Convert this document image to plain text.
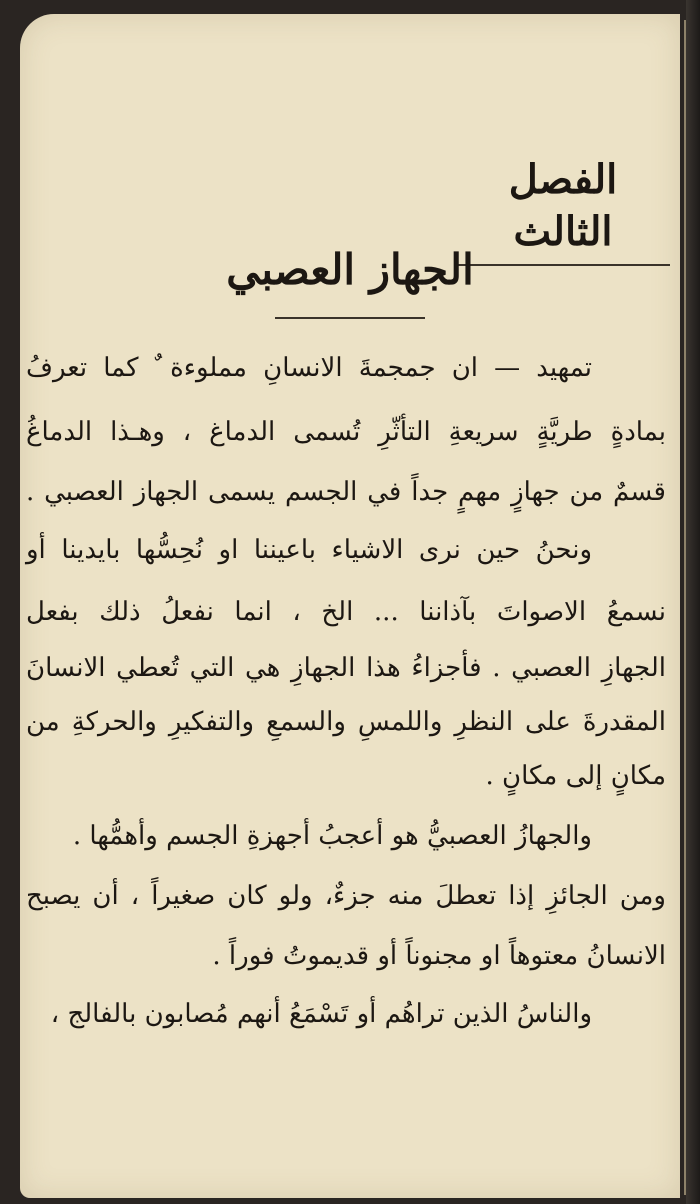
الفصل الثالث
الجهاز العصبي
تمهيد — ان جمجمةَ الانسانِ مملوءة ٌ كما تعرفُ
بمادةٍ طريَّةٍ سريعةِ التأثّرِ تُسمى الدماغ ، وهـذا الدماغُ
قسمٌ من جهازٍ مهمٍ جداً في الجسم يسمى الجهاز العصبي .
ونحنُ حين نرى الاشياء باعيننا او نُحِسُّها بايدينا أو
نسمعُ الاصواتَ بآذاننا ... الخ ، انما نفعلُ ذلك بفعل
الجهازِ العصبي . فأجزاءُ هذا الجهازِ هي التي تُعطي الانسانَ
المقدرةَ على النظرِ واللمسِ والسمعِ والتفكيرِ والحركةِ من
مكانٍ إلى مكانٍ .
والجهازُ العصبيُّ هو أعجبُ أجهزةِ الجسم وأهمُّها .
ومن الجائزِ إذا تعطلَ منه جزءٌ، ولو كان صغيراً ، أن يصبح
الانسانُ معتوهاً او مجنوناً أو قديموتُ فوراً .
والناسُ الذين تراهُم أو تَسْمَعُ أنهم مُصابون بالفالج ،
